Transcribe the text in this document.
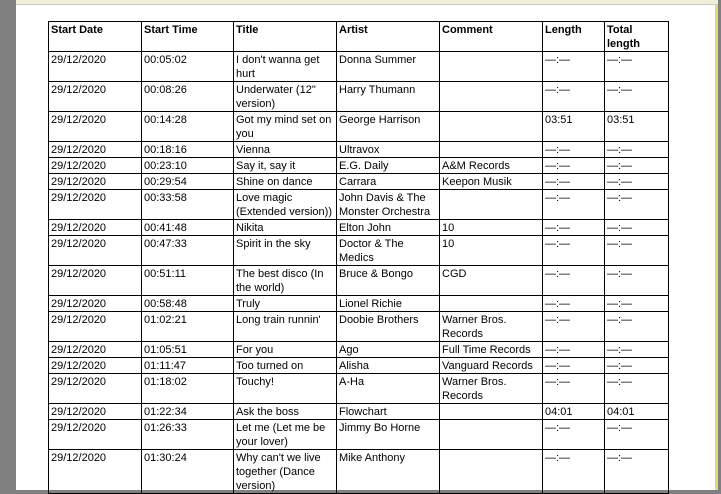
Start Date	Start Time	Title	Artist	Comment	Length	Total length
29/12/2020	00:05:02	I don't wanna get hurt	Donna Summer		—:—	—:—
29/12/2020	00:08:26	Underwater (12" version)	Harry Thumann		—:—	—:—
29/12/2020	00:14:28	Got my mind set on you	George Harrison		03:51	03:51
29/12/2020	00:18:16	Vienna	Ultravox		—:—	—:—
29/12/2020	00:23:10	Say it, say it	E.G. Daily	A&M Records	—:—	—:—
29/12/2020	00:29:54	Shine on dance	Carrara	Keepon Musik	—:—	—:—
29/12/2020	00:33:58	Love magic (Extended version))	John Davis & The Monster Orchestra		—:—	—:—
29/12/2020	00:41:48	Nikita	Elton John	10	—:—	—:—
29/12/2020	00:47:33	Spirit in the sky	Doctor & The Medics	10	—:—	—:—
29/12/2020	00:51:11	The best disco (In the world)	Bruce & Bongo	CGD	—:—	—:—
29/12/2020	00:58:48	Truly	Lionel Richie		—:—	—:—
29/12/2020	01:02:21	Long train runnin'	Doobie Brothers	Warner Bros. Records	—:—	—:—
29/12/2020	01:05:51	For you	Ago	Full Time Records	—:—	—:—
29/12/2020	01:11:47	Too turned on	Alisha	Vanguard Records	—:—	—:—
29/12/2020	01:18:02	Touchy!	A-Ha	Warner Bros. Records	—:—	—:—
29/12/2020	01:22:34	Ask the boss	Flowchart		04:01	04:01
29/12/2020	01:26:33	Let me (Let me be your lover)	Jimmy Bo Horne		—:—	—:—
29/12/2020	01:30:24	Why can't we live together (Dance version)	Mike Anthony		—:—	—:—
